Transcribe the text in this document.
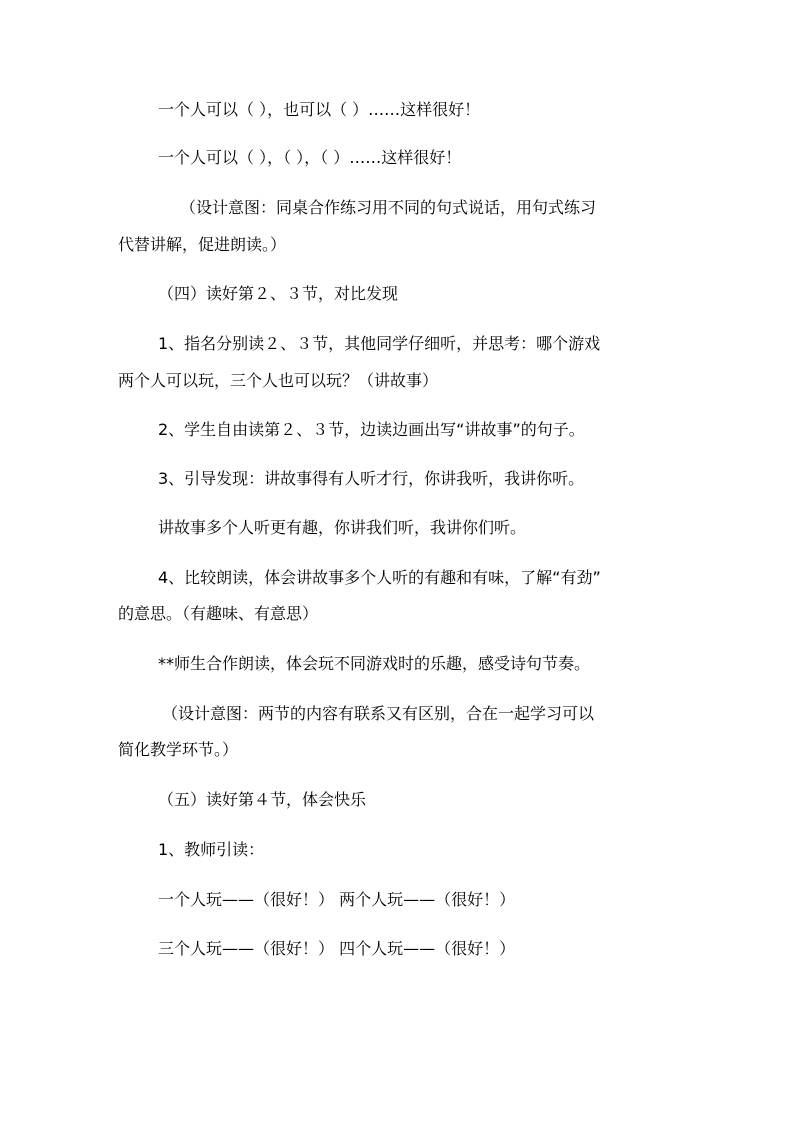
一个人可以（ ），也可以（ ）……这样很好！

一个人可以（ ），（ ），（ ）……这样很好！

（设计意图：同桌合作练习用不同的句式说话，用句式练习

代替讲解，促进朗读。）

（四）读好第２、３节，对比发现

1、指名分别读２、３节，其他同学仔细听，并思考：哪个游戏

两个人可以玩，三个人也可以玩？（讲故事）

2、学生自由读第２、３节，边读边画出写“讲故事”的句子。

3、引导发现：讲故事得有人听才行，你讲我听，我讲你听。

讲故事多个人听更有趣，你讲我们听，我讲你们听。

4、比较朗读，体会讲故事多个人听的有趣和有味，了解“有劲”

的意思。（有趣味、有意思）

**师生合作朗读，体会玩不同游戏时的乐趣，感受诗句节奏。

（设计意图：两节的内容有联系又有区别，合在一起学习可以

简化教学环节。）

（五）读好第４节，体会快乐

1、教师引读：

一个人玩——（很好！） 两个人玩——（很好！）

三个人玩——（很好！） 四个人玩——（很好！）
